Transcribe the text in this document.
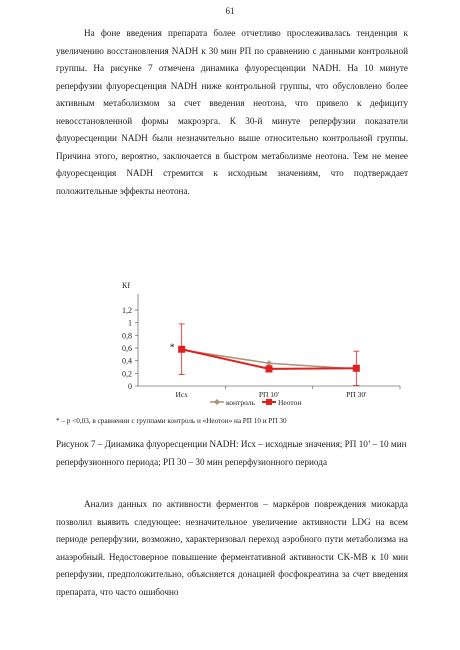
61

На фоне введения препарата более отчетливо прослеживалась тенденция к увеличению восстановления NADH к 30 мин РП по сравнению с данными контрольной группы. На рисунке 7 отмечена динамика флуоресценции NADH. На 10 минуте реперфузии флуоресценция NADH ниже контрольной группы, что обусловлено более активным метаболизмом за счет введения неотона, что привело к дефициту невосстановленной формы макроэрга. К 30-й минуте реперфузии показатели флуоресценции NADH были незначительно выше относительно контрольной группы. Причина этого, вероятно, заключается в быстром метаболизме неотона. Тем не менее флуоресценция NADH стремится к исходным значениям, что подтверждает положительные эффекты неотона.

Кf
0
0,2
0,4
0,6
0,8
1
1,2
Исх	РП 10'	РП 30'
*
контроль	Неотон
* – р <0,03, в сравнении с группами контроль и «Неотон» на РП 10 и РП 30

Рисунок 7 – Динамика флуоресценции NADH: Исх – исходные значения; РП 10’ – 10 мин реперфузионного периода; РП 30 – 30 мин реперфузионного периода

Анализ данных по активности ферментов – маркёров повреждения миокарда позволил выявить следующее: незначительное увеличение активности LDG на всем периоде реперфузии, возможно, характеризовал переход аэробного пути метаболизма на анаэробный. Недостоверное повышение ферментативной активности CK-MB к 10 мин реперфузии, предположительно, объясняется донацией фосфокреатина за счет введения препарата, что часто ошибочно
